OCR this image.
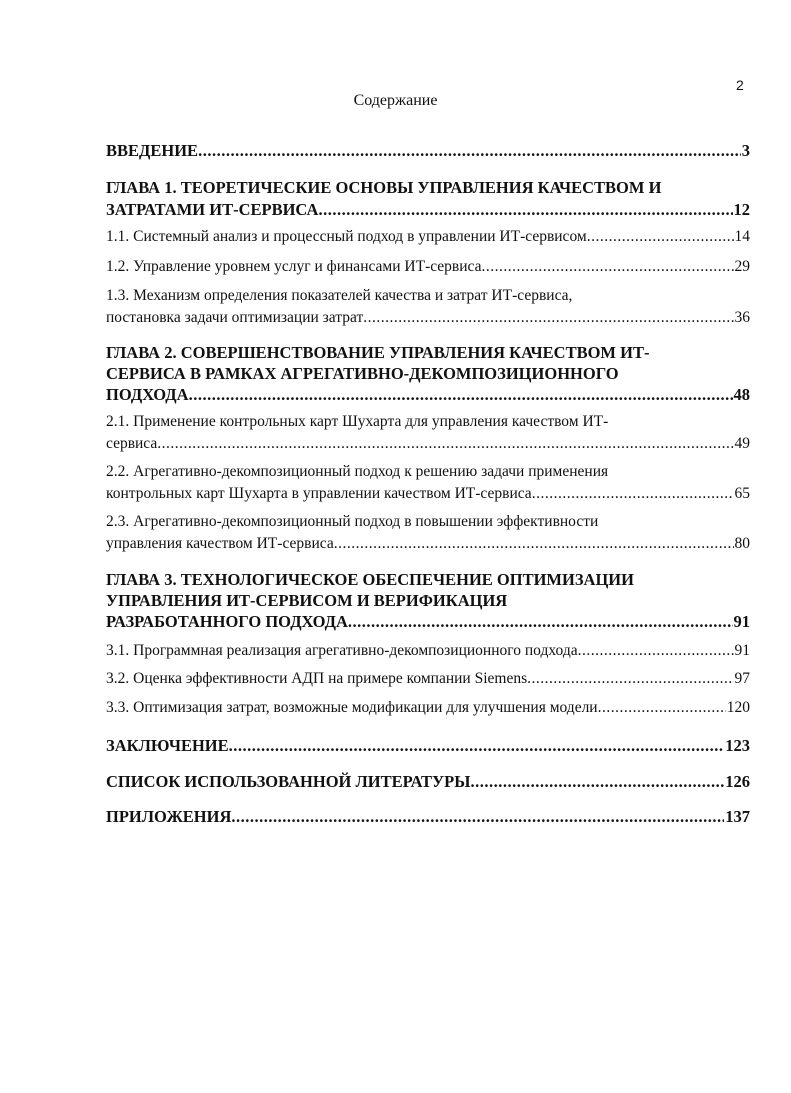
2
Содержание
ВВЕДЕНИЕ .....	3
ГЛАВА 1. ТЕОРЕТИЧЕСКИЕ ОСНОВЫ УПРАВЛЕНИЯ КАЧЕСТВОМ И
ЗАТРАТАМИ ИТ-СЕРВИСА .....	12
1.1. Системный анализ и процессный подход в управлении ИТ-сервисом .....	14
1.2. Управление уровнем услуг и финансами ИТ-сервиса .....	29
1.3. Механизм определения показателей качества и затрат ИТ-сервиса,
постановка задачи оптимизации затрат .....	36
ГЛАВА 2. СОВЕРШЕНСТВОВАНИЕ УПРАВЛЕНИЯ КАЧЕСТВОМ ИТ-
СЕРВИСА В РАМКАХ АГРЕГАТИВНО-ДЕКОМПОЗИЦИОННОГО
ПОДХОДА .....	48
2.1. Применение контрольных карт Шухарта для управления качеством ИТ-
сервиса .....	49
2.2. Агрегативно-декомпозиционный подход к решению задачи применения
контрольных карт Шухарта в управлении качеством ИТ-сервиса .....	65
2.3. Агрегативно-декомпозиционный подход в повышении эффективности
управления качеством ИТ-сервиса .....	80
ГЛАВА 3. ТЕХНОЛОГИЧЕСКОЕ ОБЕСПЕЧЕНИЕ ОПТИМИЗАЦИИ
УПРАВЛЕНИЯ ИТ-СЕРВИСОМ И ВЕРИФИКАЦИЯ
РАЗРАБОТАННОГО ПОДХОДА .....	91
3.1. Программная реализация агрегативно-декомпозиционного подхода .....	91
3.2. Оценка эффективности АДП на примере компании Siemens .....	97
3.3. Оптимизация затрат, возможные модификации для улучшения модели .....	120
ЗАКЛЮЧЕНИЕ .....	123
СПИСОК ИСПОЛЬЗОВАННОЙ ЛИТЕРАТУРЫ .....	126
ПРИЛОЖЕНИЯ .....	137
